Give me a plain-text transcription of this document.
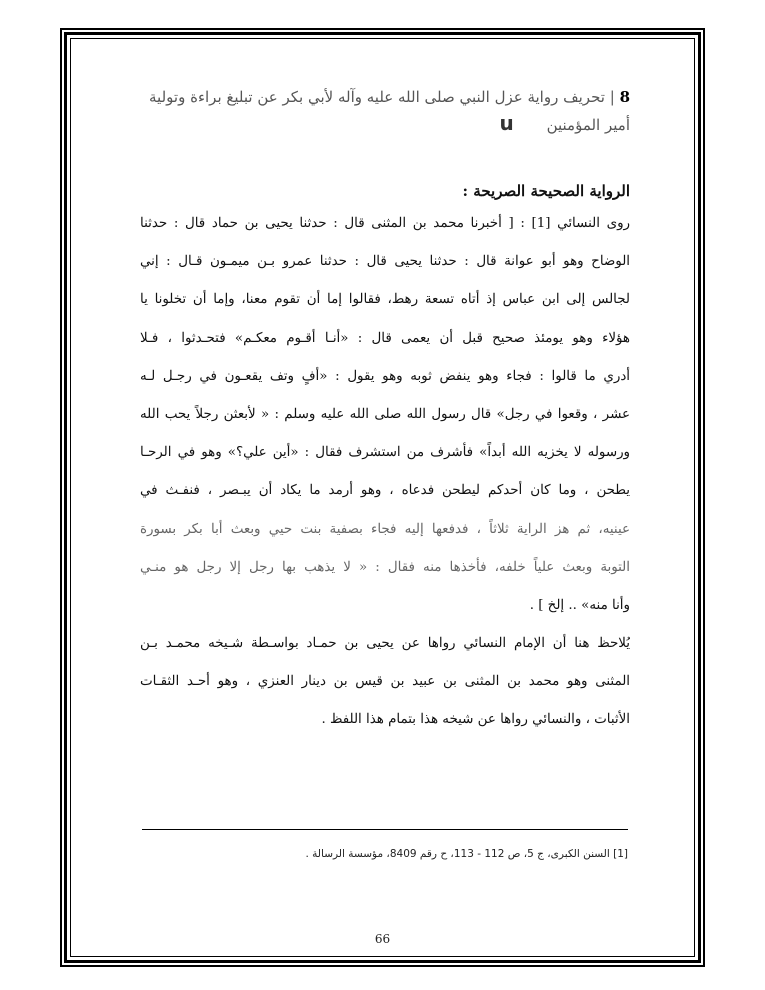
8 | تحريف رواية عزل النبي صلى الله عليه وآله لأبي بكر عن تبليغ براءة وتولية

أمير المؤمنين u

الرواية الصحيحة الصريحة :

روى النسائي [1] : [ أخبرنا محمد بن المثنى قال : حدثنا يحيى بن حماد قال : حدثنا

الوضاح وهو أبو عوانة قال : حدثنا يحيى قال : حدثنا عمرو بـن ميمـون قـال : إني

لجالس إلى ابن عباس إذ أتاه تسعة رهط، فقالوا إما أن تقوم معنا، وإما أن تخلونا يا

هؤلاء وهو يومئذ صحيح قبل أن يعمى قال : «أنـا أقـوم معكـم» فتحـدثوا ، فـلا

أدري ما قالوا : فجاء وهو ينفض ثوبه وهو يقول : «أفٍ وتف يقعـون في رجـل لـه

عشر ، وقعوا في رجل» قال رسول الله صلى الله عليه وسلم : « لأبعثن رجلاً يحب الله

ورسوله لا يخزيه الله أبداً» فأشرف من استشرف فقال : «أين علي؟» وهو في الرحـا

يطحن ، وما كان أحدكم ليطحن فدعاه ، وهو أرمد ما يكاد أن يبـصر ، فنفـث في

عينيه، ثم هز الراية ثلاثاً ، فدفعها إليه فجاء بصفية بنت حيي وبعث أبا بكر بسورة

التوبة وبعث علياً خلفه، فأخذها منه فقال : « لا يذهب بها رجل إلا رجل هو منـي

وأنا منه» .. إلخ ] .

يُلاحظ هنا أن الإمام النسائي رواها عن يحيى بن حمـاد بواسـطة شـيخه محمـد بـن

المثنى وهو محمد بن المثنى بن عبيد بن قيس بن دينار العنزي ، وهو أحـد الثقـات

الأثبات ، والنسائي رواها عن شيخه هذا بتمام هذا اللفظ .

[1] السنن الكبرى، ج 5، ص 112 - 113، ح رقم 8409، مؤسسة الرسالة .
66
